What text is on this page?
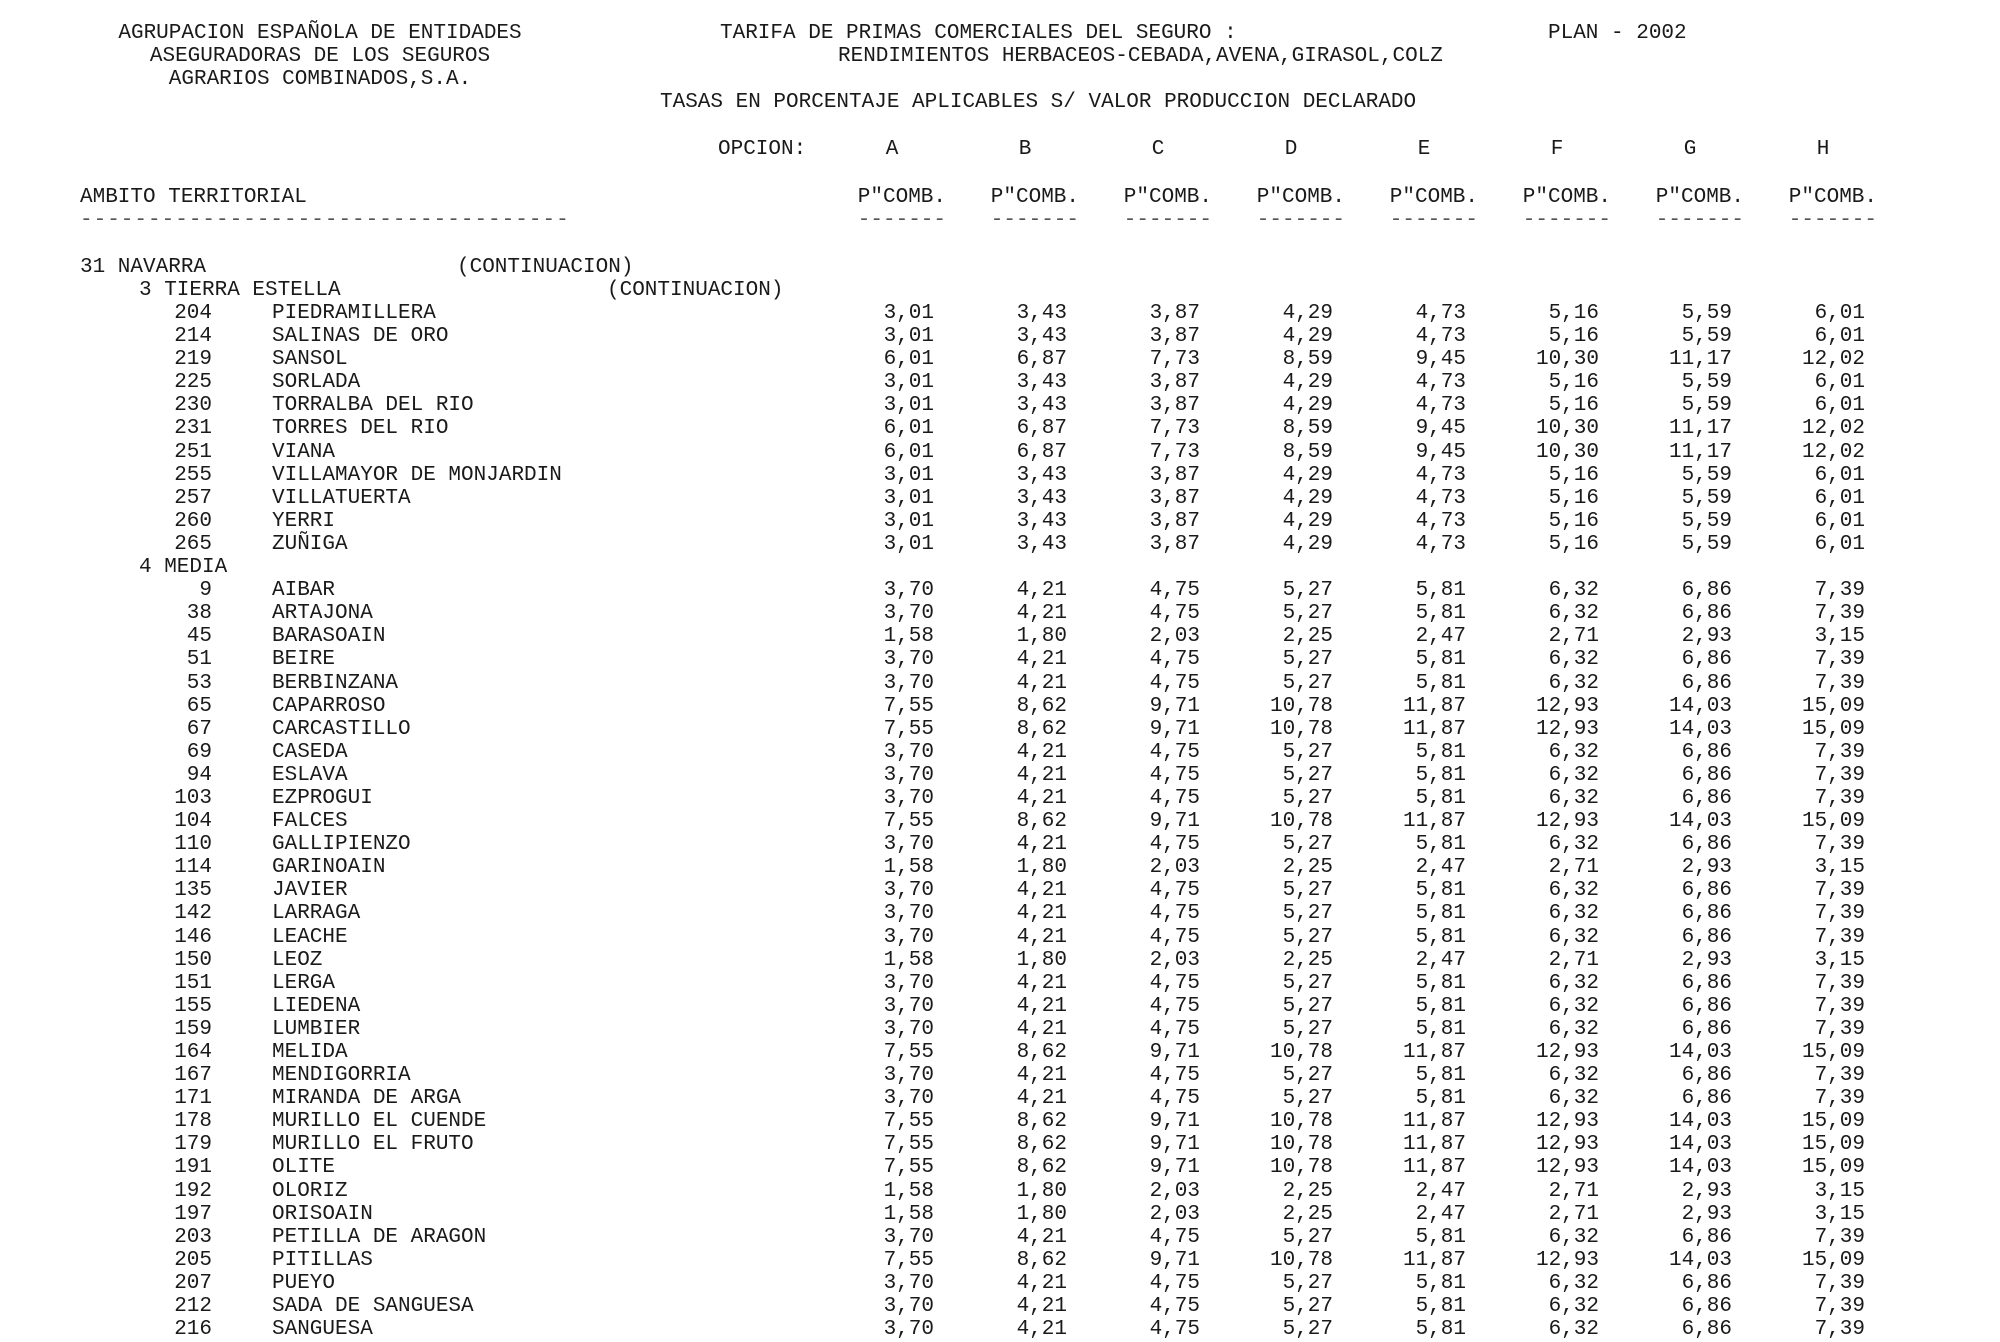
AGRUPACION ESPAÑOLA DE ENTIDADES
ASEGURADORAS DE LOS SEGUROS
AGRARIOS COMBINADOS,S.A.
TARIFA DE PRIMAS COMERCIALES DEL SEGURO :	PLAN - 2002
RENDIMIENTOS HERBACEOS-CEBADA,AVENA,GIRASOL,COLZ
TASAS EN PORCENTAJE APLICABLES S/ VALOR PRODUCCION DECLARADO
OPCION:	A	B	C	D	E	F	G	H
AMBITO TERRITORIAL	P"COMB.	P"COMB.	P"COMB.	P"COMB.	P"COMB.	P"COMB.	P"COMB.	P"COMB.
------------------------------------	-------	-------	-------	-------	-------	-------	-------	-------
31 NAVARRA	(CONTINUACION)
3 TIERRA ESTELLA	(CONTINUACION)
204	PIEDRAMILLERA	3,01	3,43	3,87	4,29	4,73	5,16	5,59	6,01
214	SALINAS DE ORO	3,01	3,43	3,87	4,29	4,73	5,16	5,59	6,01
219	SANSOL	6,01	6,87	7,73	8,59	9,45	10,30	11,17	12,02
225	SORLADA	3,01	3,43	3,87	4,29	4,73	5,16	5,59	6,01
230	TORRALBA DEL RIO	3,01	3,43	3,87	4,29	4,73	5,16	5,59	6,01
231	TORRES DEL RIO	6,01	6,87	7,73	8,59	9,45	10,30	11,17	12,02
251	VIANA	6,01	6,87	7,73	8,59	9,45	10,30	11,17	12,02
255	VILLAMAYOR DE MONJARDIN	3,01	3,43	3,87	4,29	4,73	5,16	5,59	6,01
257	VILLATUERTA	3,01	3,43	3,87	4,29	4,73	5,16	5,59	6,01
260	YERRI	3,01	3,43	3,87	4,29	4,73	5,16	5,59	6,01
265	ZUÑIGA	3,01	3,43	3,87	4,29	4,73	5,16	5,59	6,01
4 MEDIA
9	AIBAR	3,70	4,21	4,75	5,27	5,81	6,32	6,86	7,39
38	ARTAJONA	3,70	4,21	4,75	5,27	5,81	6,32	6,86	7,39
45	BARASOAIN	1,58	1,80	2,03	2,25	2,47	2,71	2,93	3,15
51	BEIRE	3,70	4,21	4,75	5,27	5,81	6,32	6,86	7,39
53	BERBINZANA	3,70	4,21	4,75	5,27	5,81	6,32	6,86	7,39
65	CAPARROSO	7,55	8,62	9,71	10,78	11,87	12,93	14,03	15,09
67	CARCASTILLO	7,55	8,62	9,71	10,78	11,87	12,93	14,03	15,09
69	CASEDA	3,70	4,21	4,75	5,27	5,81	6,32	6,86	7,39
94	ESLAVA	3,70	4,21	4,75	5,27	5,81	6,32	6,86	7,39
103	EZPROGUI	3,70	4,21	4,75	5,27	5,81	6,32	6,86	7,39
104	FALCES	7,55	8,62	9,71	10,78	11,87	12,93	14,03	15,09
110	GALLIPIENZO	3,70	4,21	4,75	5,27	5,81	6,32	6,86	7,39
114	GARINOAIN	1,58	1,80	2,03	2,25	2,47	2,71	2,93	3,15
135	JAVIER	3,70	4,21	4,75	5,27	5,81	6,32	6,86	7,39
142	LARRAGA	3,70	4,21	4,75	5,27	5,81	6,32	6,86	7,39
146	LEACHE	3,70	4,21	4,75	5,27	5,81	6,32	6,86	7,39
150	LEOZ	1,58	1,80	2,03	2,25	2,47	2,71	2,93	3,15
151	LERGA	3,70	4,21	4,75	5,27	5,81	6,32	6,86	7,39
155	LIEDENA	3,70	4,21	4,75	5,27	5,81	6,32	6,86	7,39
159	LUMBIER	3,70	4,21	4,75	5,27	5,81	6,32	6,86	7,39
164	MELIDA	7,55	8,62	9,71	10,78	11,87	12,93	14,03	15,09
167	MENDIGORRIA	3,70	4,21	4,75	5,27	5,81	6,32	6,86	7,39
171	MIRANDA DE ARGA	3,70	4,21	4,75	5,27	5,81	6,32	6,86	7,39
178	MURILLO EL CUENDE	7,55	8,62	9,71	10,78	11,87	12,93	14,03	15,09
179	MURILLO EL FRUTO	7,55	8,62	9,71	10,78	11,87	12,93	14,03	15,09
191	OLITE	7,55	8,62	9,71	10,78	11,87	12,93	14,03	15,09
192	OLORIZ	1,58	1,80	2,03	2,25	2,47	2,71	2,93	3,15
197	ORISOAIN	1,58	1,80	2,03	2,25	2,47	2,71	2,93	3,15
203	PETILLA DE ARAGON	3,70	4,21	4,75	5,27	5,81	6,32	6,86	7,39
205	PITILLAS	7,55	8,62	9,71	10,78	11,87	12,93	14,03	15,09
207	PUEYO	3,70	4,21	4,75	5,27	5,81	6,32	6,86	7,39
212	SADA DE SANGUESA	3,70	4,21	4,75	5,27	5,81	6,32	6,86	7,39
216	SANGUESA	3,70	4,21	4,75	5,27	5,81	6,32	6,86	7,39
